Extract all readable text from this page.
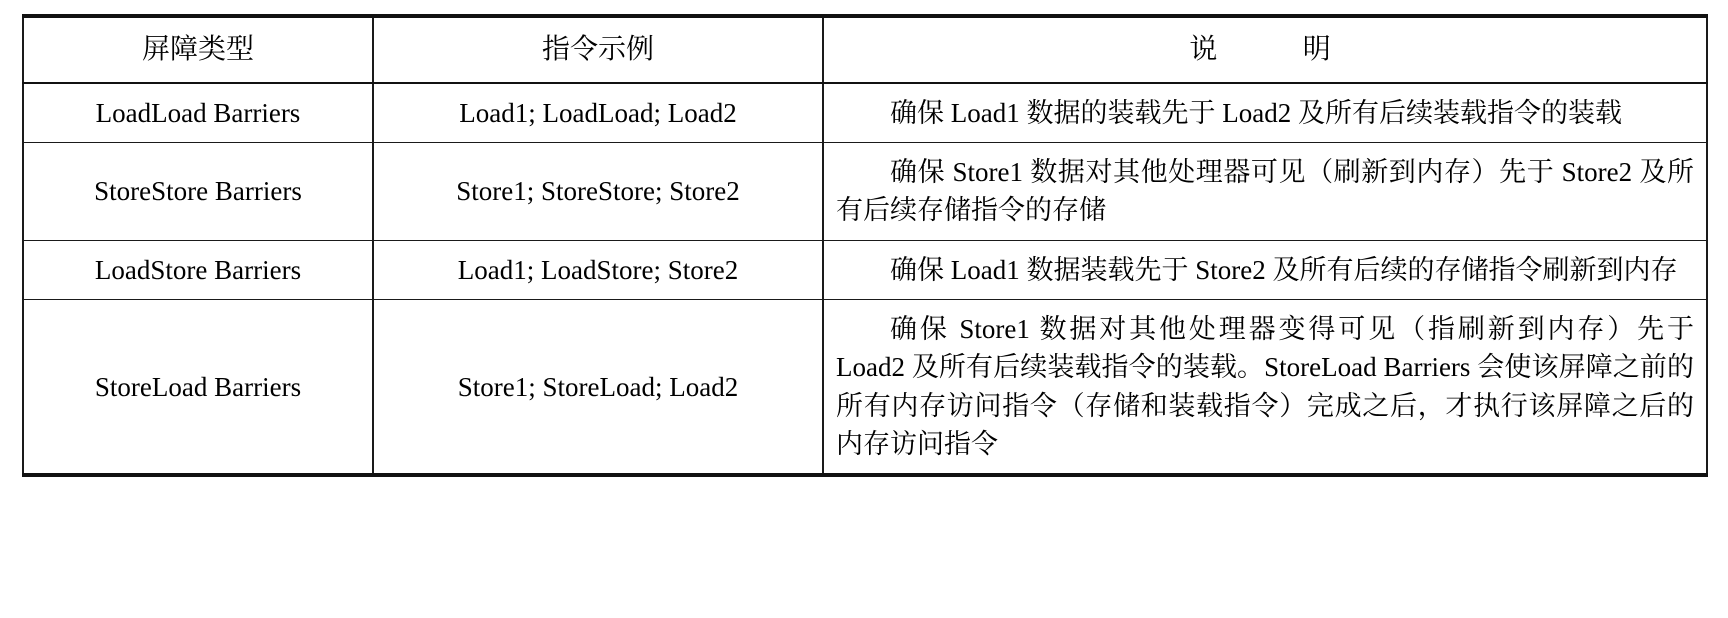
屏障类型	指令示例	说　　明
LoadLoad Barriers	Load1; LoadLoad; Load2	确保 Load1 数据的装载先于 Load2 及所有后续装载指令的装载
StoreStore Barriers	Store1; StoreStore; Store2	确保 Store1 数据对其他处理器可见（刷新到内存）先于 Store2 及所有后续存储指令的存储
LoadStore Barriers	Load1; LoadStore; Store2	确保 Load1 数据装载先于 Store2 及所有后续的存储指令刷新到内存
StoreLoad Barriers	Store1; StoreLoad; Load2	确保 Store1 数据对其他处理器变得可见（指刷新到内存）先于 Load2 及所有后续装载指令的装载。StoreLoad Barriers 会使该屏障之前的所有内存访问指令（存储和装载指令）完成之后，才执行该屏障之后的内存访问指令
